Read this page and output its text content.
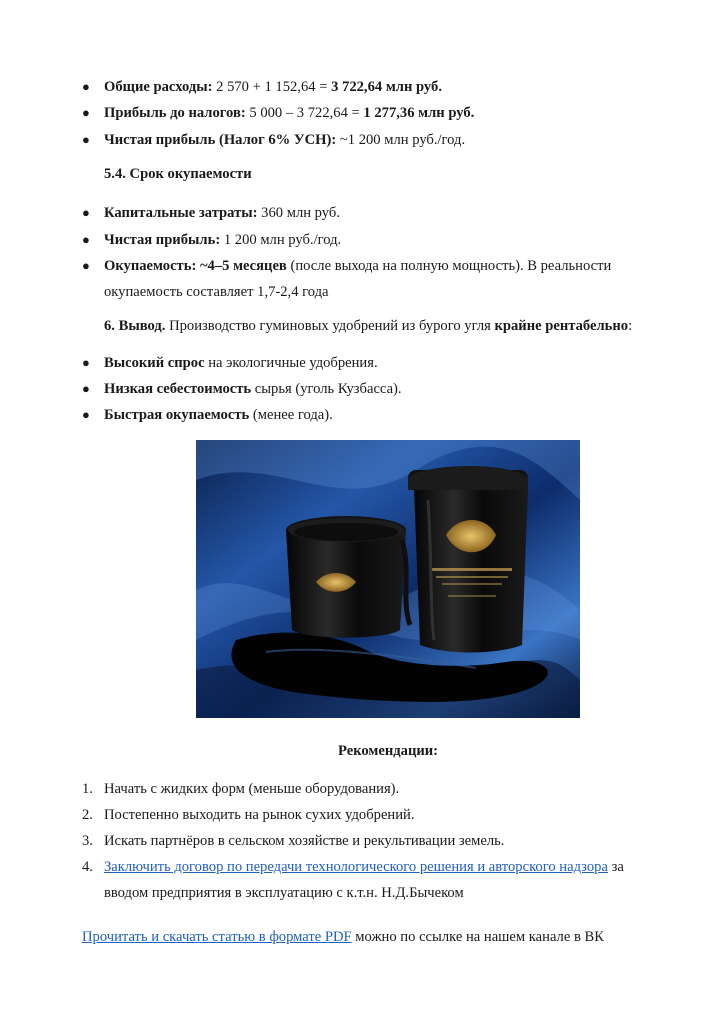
● Общие расходы: 2 570 + 1 152,64 = 3 722,64 млн руб.
● Прибыль до налогов: 5 000 – 3 722,64 = 1 277,36 млн руб.
● Чистая прибыль (Налог 6% УСН): ~1 200 млн руб./год.
5.4. Срок окупаемости
● Капитальные затраты: 360 млн руб.
● Чистая прибыль: 1 200 млн руб./год.
● Окупаемость: ~4–5 месяцев (после выхода на полную мощность). В реальности
окупаемость составляет 1,7-2,4 года
6. Вывод. Производство гуминовых удобрений из бурого угля крайне рентабельно:
● Высокий спрос на экологичные удобрения.
● Низкая себестоимость сырья (уголь Кузбасса).
● Быстрая окупаемость (менее года).
Рекомендации:
1. Начать с жидких форм (меньше оборудования).
2. Постепенно выходить на рынок сухих удобрений.
3. Искать партнёров в сельском хозяйстве и рекультивации земель.
4. Заключить договор по передачи технологического решения и авторского надзора за
вводом предприятия в эксплуатацию с к.т.н. Н.Д.Бычеком
Прочитать и скачать статью в формате PDF можно по ссылке на нашем канале в ВК
